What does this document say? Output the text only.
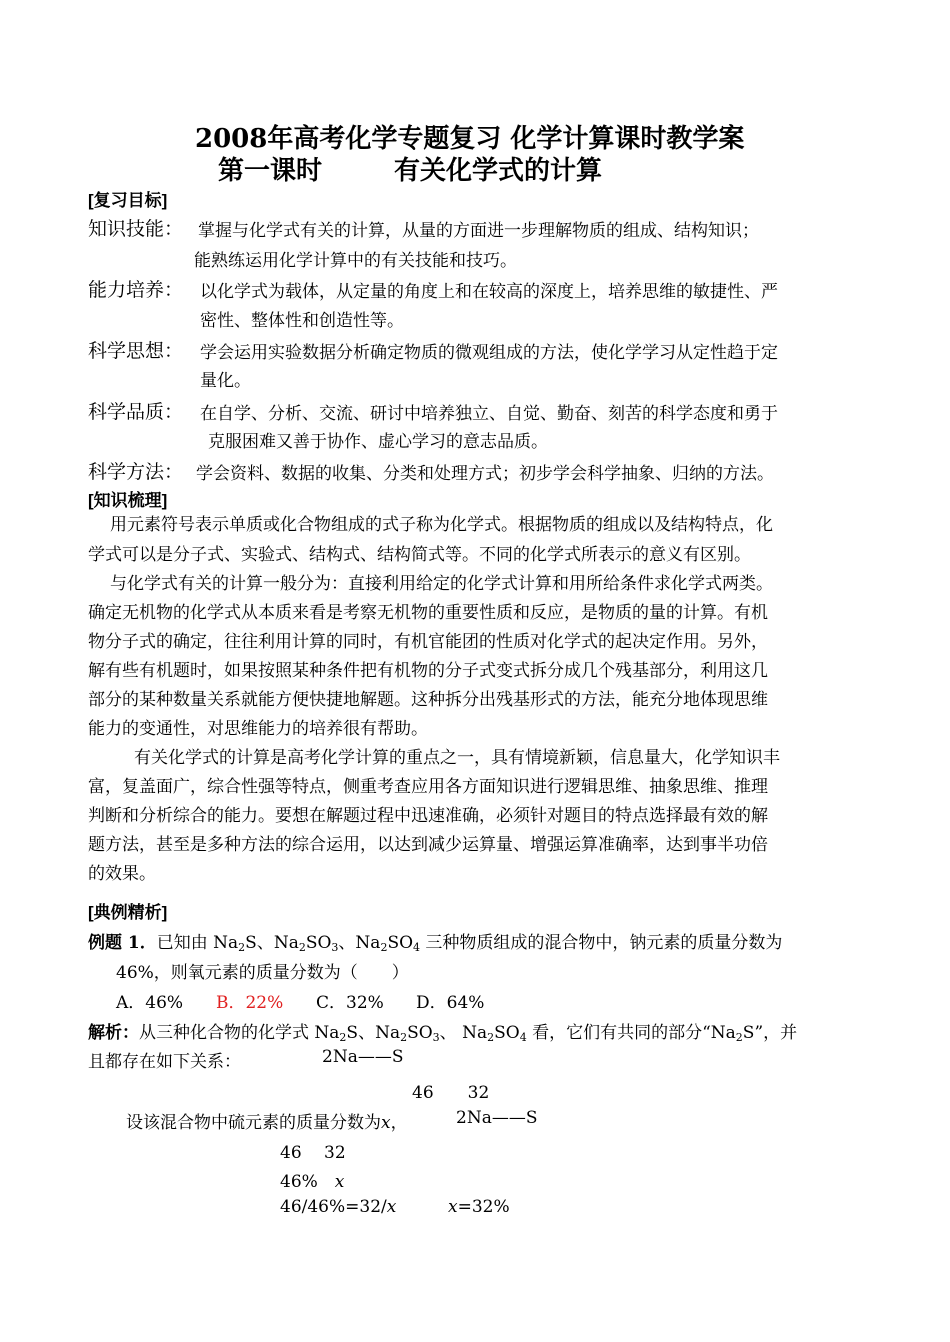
2008年高考化学专题复习 化学计算课时教学案
第一课时	有关化学式的计算
[复习目标]
知识技能： 掌握与化学式有关的计算，从量的方面进一步理解物质的组成、结构知识；
能熟练运用化学计算中的有关技能和技巧。
能力培养： 以化学式为载体，从定量的角度上和在较高的深度上，培养思维的敏捷性、严
密性、整体性和创造性等。
科学思想： 学会运用实验数据分析确定物质的微观组成的方法，使化学学习从定性趋于定
量化。
科学品质： 在自学、分析、交流、研讨中培养独立、自觉、勤奋、刻苦的科学态度和勇于
克服困难又善于协作、虚心学习的意志品质。
科学方法： 学会资料、数据的收集、分类和处理方式；初步学会科学抽象、归纳的方法。
[知识梳理]
用元素符号表示单质或化合物组成的式子称为化学式。根据物质的组成以及结构特点，化
学式可以是分子式、实验式、结构式、结构简式等。不同的化学式所表示的意义有区别。
与化学式有关的计算一般分为：直接利用给定的化学式计算和用所给条件求化学式两类。
确定无机物的化学式从本质来看是考察无机物的重要性质和反应，是物质的量的计算。有机
物分子式的确定，往往利用计算的同时，有机官能团的性质对化学式的起决定作用。另外，
解有些有机题时，如果按照某种条件把有机物的分子式变式拆分成几个残基部分，利用这几
部分的某种数量关系就能方便快捷地解题。这种拆分出残基形式的方法，能充分地体现思维
能力的变通性，对思维能力的培养很有帮助。
有关化学式的计算是高考化学计算的重点之一，具有情境新颖，信息量大，化学知识丰
富，复盖面广，综合性强等特点，侧重考查应用各方面知识进行逻辑思维、抽象思维、推理
判断和分析综合的能力。要想在解题过程中迅速准确，必须针对题目的特点选择最有效的解
题方法，甚至是多种方法的综合运用，以达到减少运算量、增强运算准确率，达到事半功倍
的效果。
[典例精析]
例题 1．已知由 $Na_2S$、$Na_2SO_3$、$Na_2SO_4$ 三种物质组成的混合物中，钠元素的质量分数为
46%，则氧元素的质量分数为（　　）
A．46% B．22% C．32% D．64%
解析：从三种化合物的化学式 $Na_2S$、$Na_2SO_3$、 $Na_2SO_4$ 看，它们有共同的部分“$Na_2S$”，并
且都存在如下关系：	2Na——S
46　　32
设该混合物中硫元素的质量分数为x，	2Na——S
46　 32
46%　x
46/46%=32/x	x=32%
